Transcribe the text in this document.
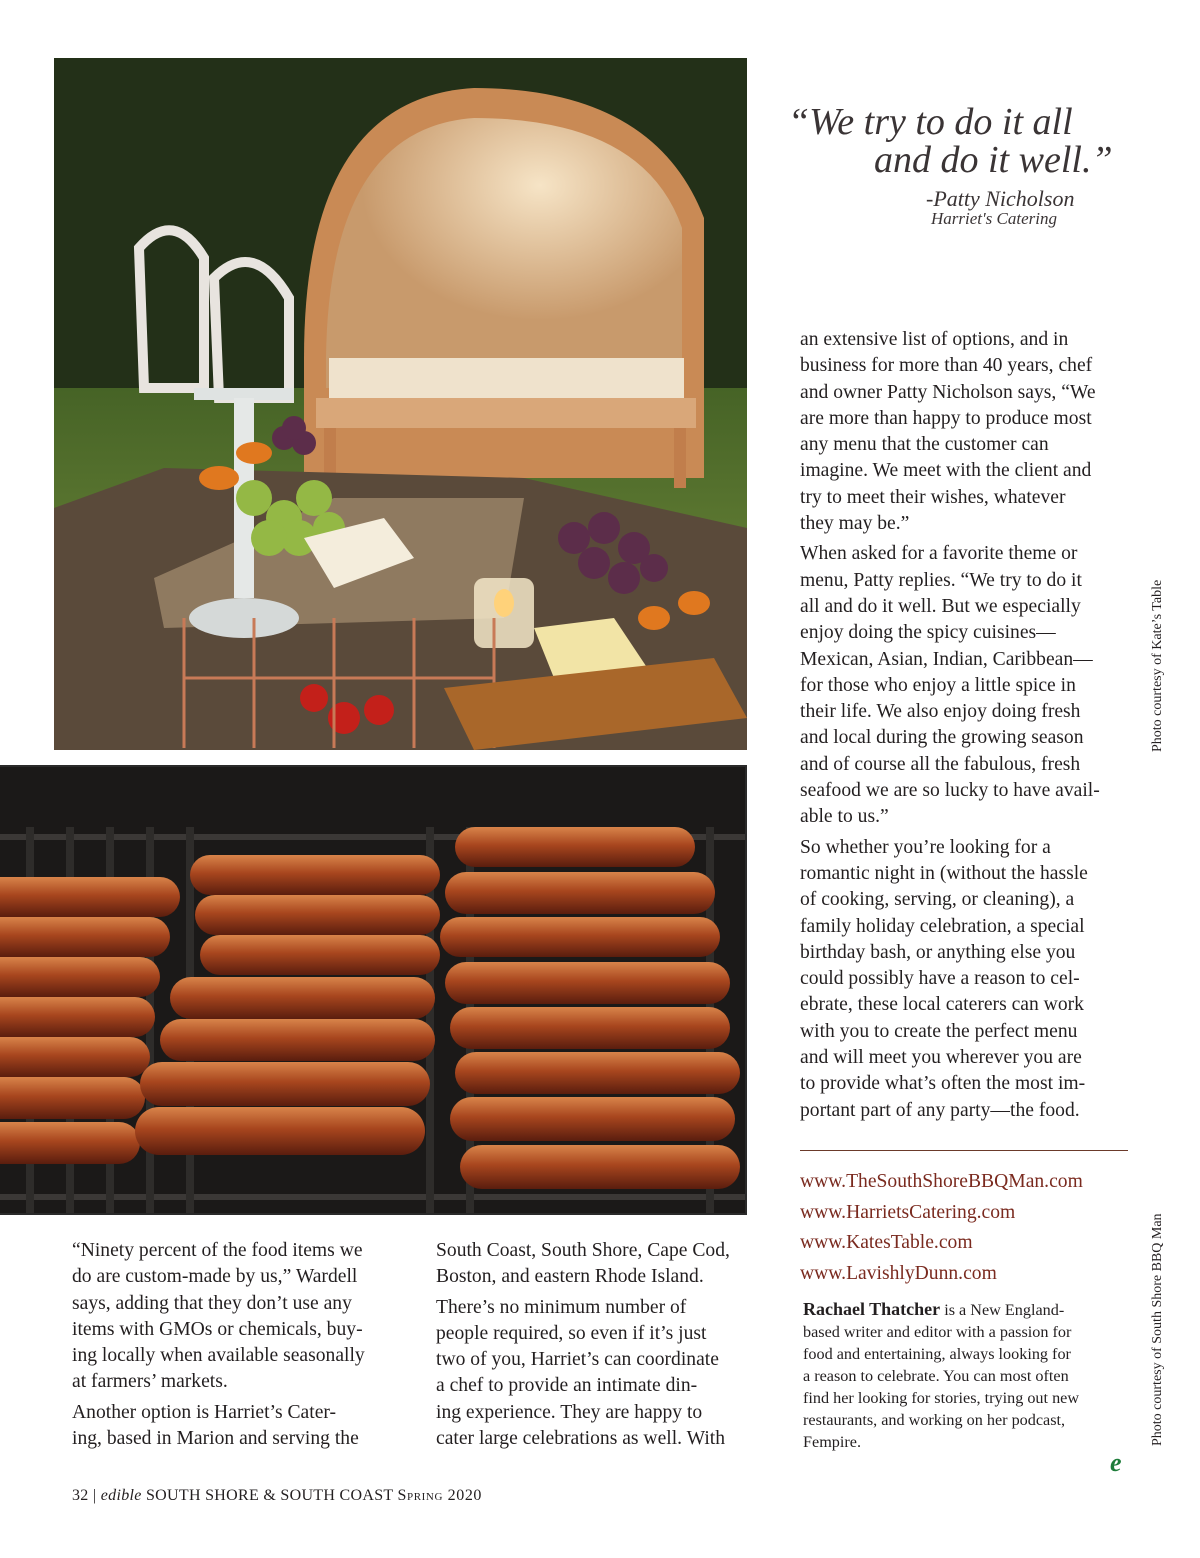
“We try to do it all
and do it well.”
-Patty Nicholson
Harriet's Catering

an extensive list of options, and in
business for more than 40 years, chef
and owner Patty Nicholson says, “We
are more than happy to produce most
any menu that the customer can
imagine. We meet with the client and
try to meet their wishes, whatever
they may be.”

When asked for a favorite theme or
menu, Patty replies. “We try to do it
all and do it well. But we especially
enjoy doing the spicy cuisines—
Mexican, Asian, Indian, Caribbean—
for those who enjoy a little spice in
their life. We also enjoy doing fresh
and local during the growing season
and of course all the fabulous, fresh
seafood we are so lucky to have avail-
able to us.”

So whether you’re looking for a
romantic night in (without the hassle
of cooking, serving, or cleaning), a
family holiday celebration, a special
birthday bash, or anything else you
could possibly have a reason to cel-
ebrate, these local caterers can work
with you to create the perfect menu
and will meet you wherever you are
to provide what’s often the most im-
portant part of any party—the food.

www.TheSouthShoreBBQMan.com
www.HarrietsCatering.com
www.KatesTable.com
www.LavishlyDunn.com
Rachael Thatcher is a New England-
based writer and editor with a passion for
food and entertaining, always looking for
a reason to celebrate. You can most often
find her looking for stories, trying out new
restaurants, and working on her podcast,
Fempire.

“Ninety percent of the food items we
do are custom-made by us,” Wardell
says, adding that they don’t use any
items with GMOs or chemicals, buy-
ing locally when available seasonally
at farmers’ markets.

Another option is Harriet’s Cater-
ing, based in Marion and serving the

South Coast, South Shore, Cape Cod,
Boston, and eastern Rhode Island.

There’s no minimum number of
people required, so even if it’s just
two of you, Harriet’s can coordinate
a chef to provide an intimate din-
ing experience. They are happy to
cater large celebrations as well. With

Photo courtesy of Kate’s Table
Photo courtesy of South Shore BBQ Man
e
32 | edible SOUTH SHORE & SOUTH COAST Spring 2020
